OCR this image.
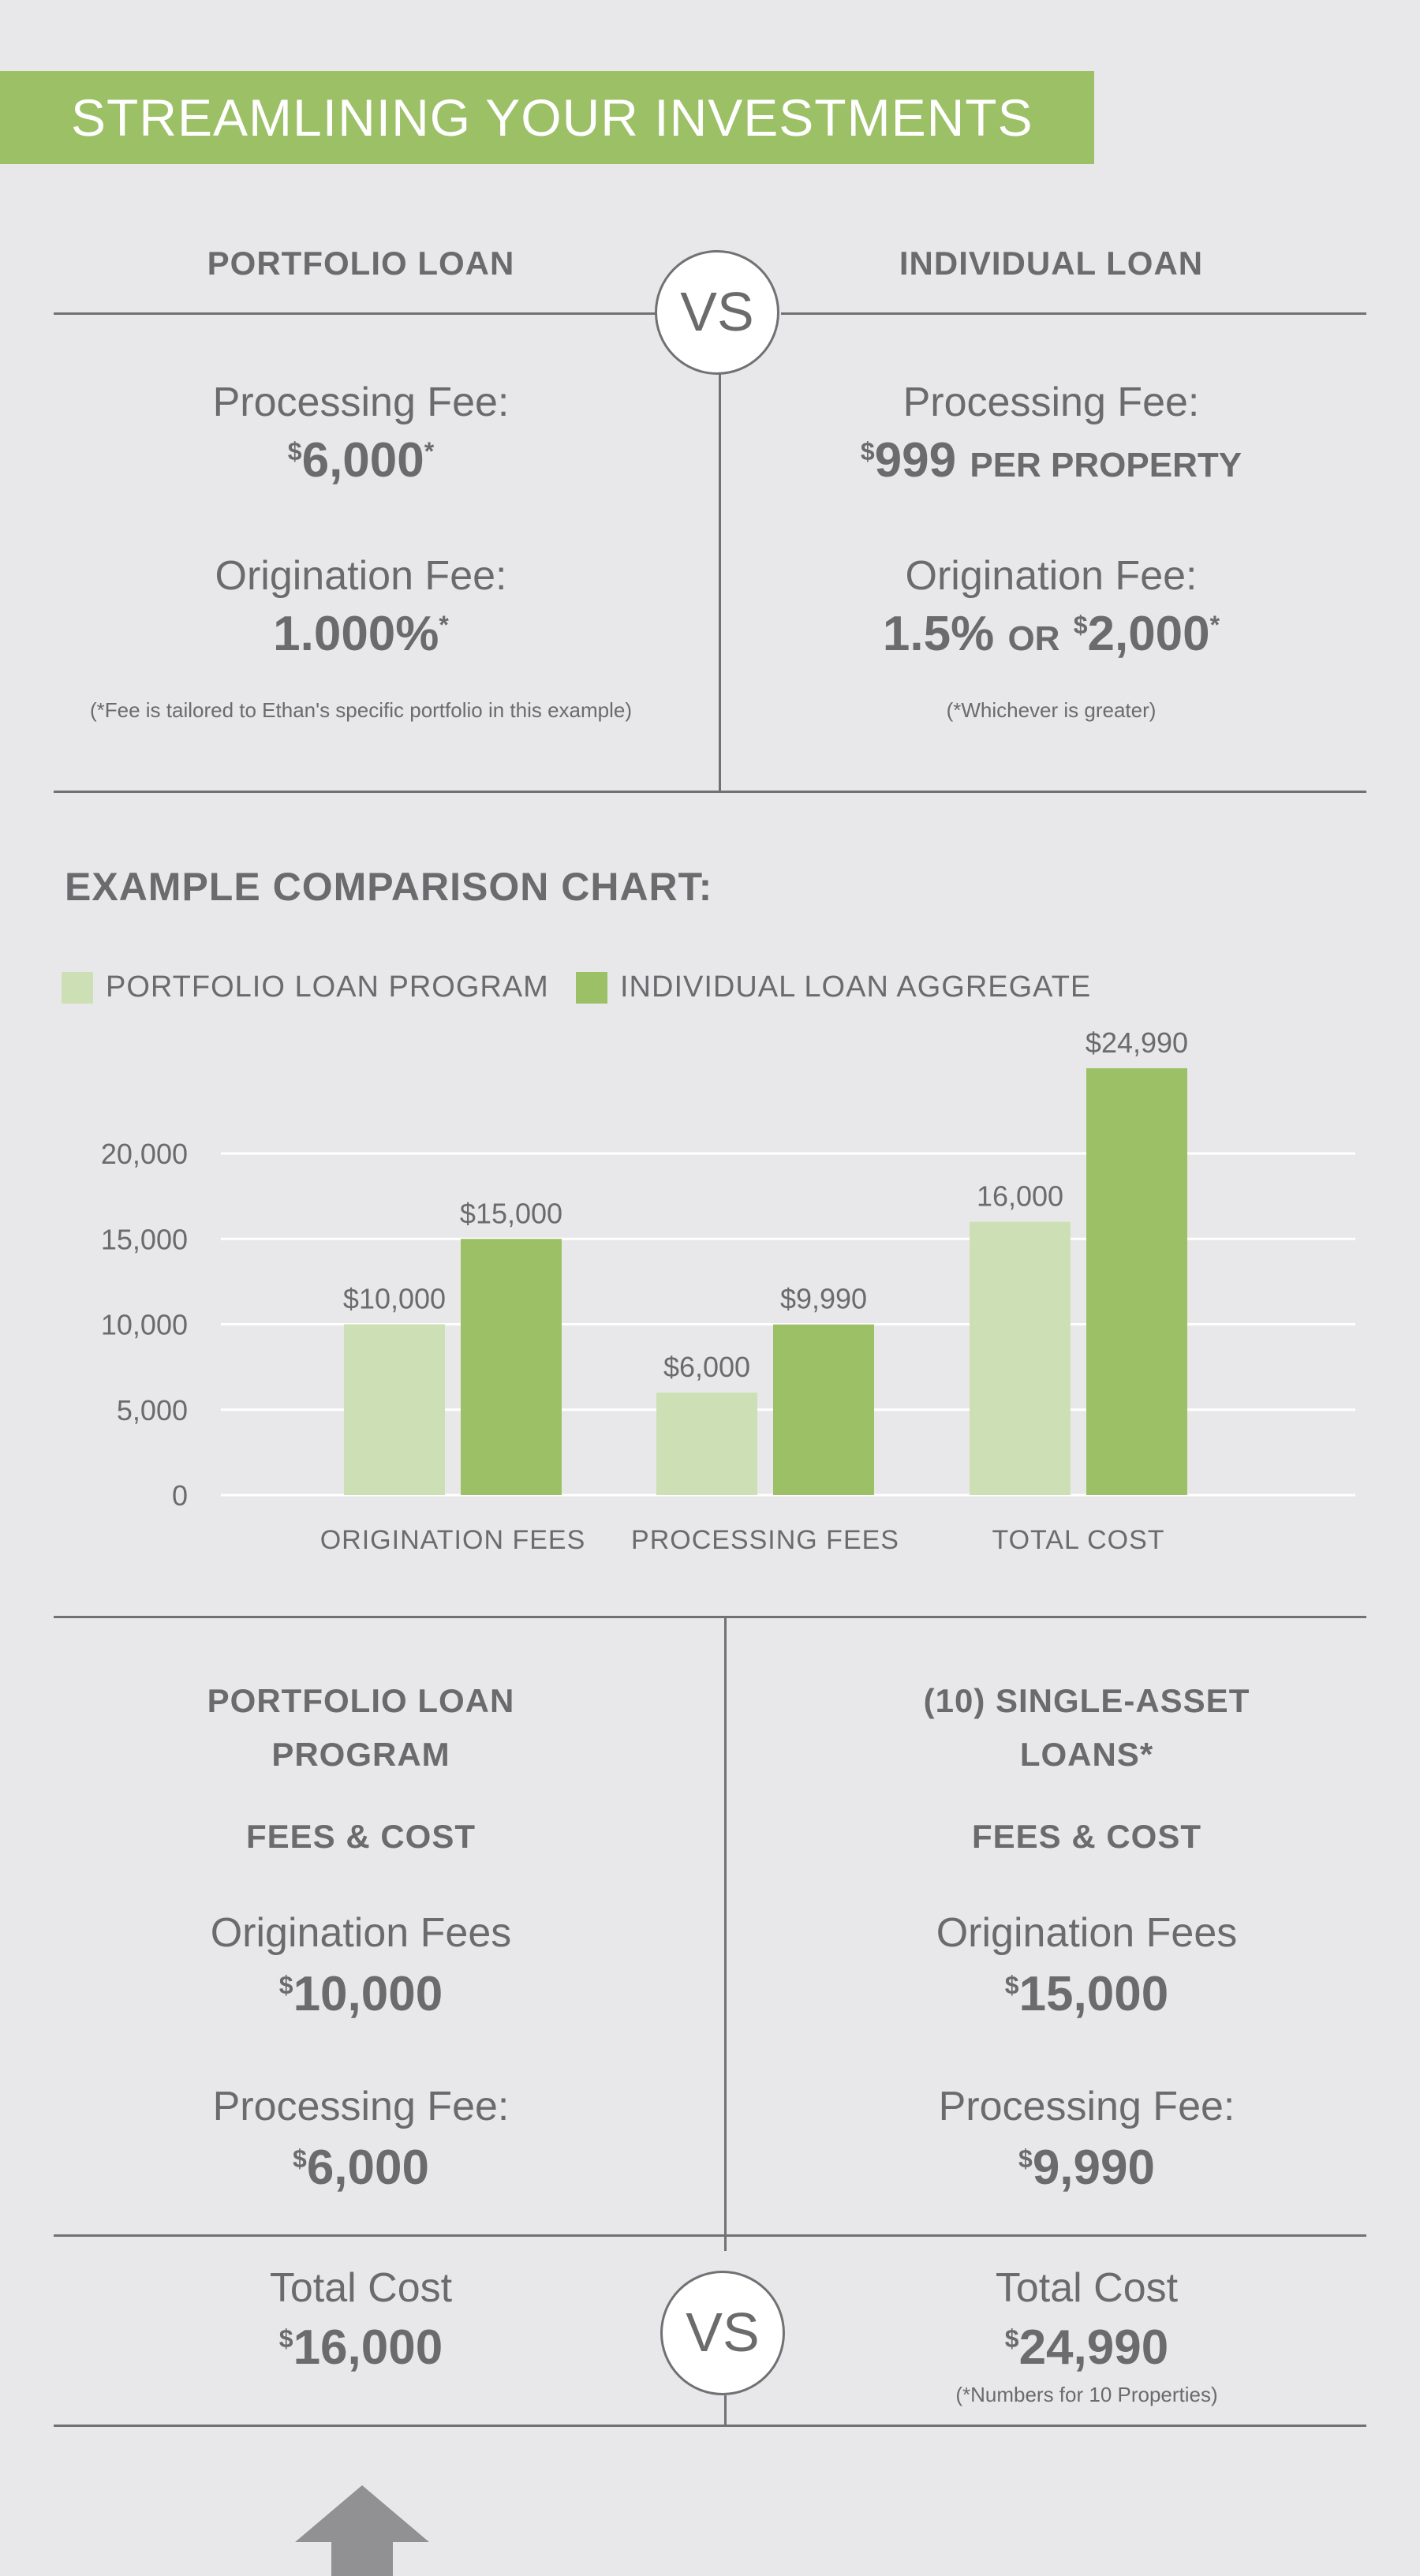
STREAMLINING YOUR INVESTMENTS
PORTFOLIO LOAN	INDIVIDUAL LOAN
VS
Processing Fee:
$6,000*
Origination Fee:
1.000%*
(*Fee is tailored to Ethan's specific portfolio in this example)
Processing Fee:
$999 PER PROPERTY
Origination Fee:
1.5% OR $2,000*
(*Whichever is greater)
EXAMPLE COMPARISON CHART:
PORTFOLIO LOAN PROGRAM INDIVIDUAL LOAN AGGREGATE
0
5,000
10,000
15,000
20,000
$10,000
$15,000
ORIGINATION FEES
$6,000
$9,990
PROCESSING FEES
16,000
$24,990
TOTAL COST
VS
PORTFOLIO LOAN
PROGRAM
FEES & COST
Origination Fees
$10,000
Processing Fee:
$6,000
Total Cost
$16,000
(10) SINGLE-ASSET
LOANS*
FEES & COST
Origination Fees
$15,000
Processing Fee:
$9,990
Total Cost
$24,990
(*Numbers for 10 Properties)
